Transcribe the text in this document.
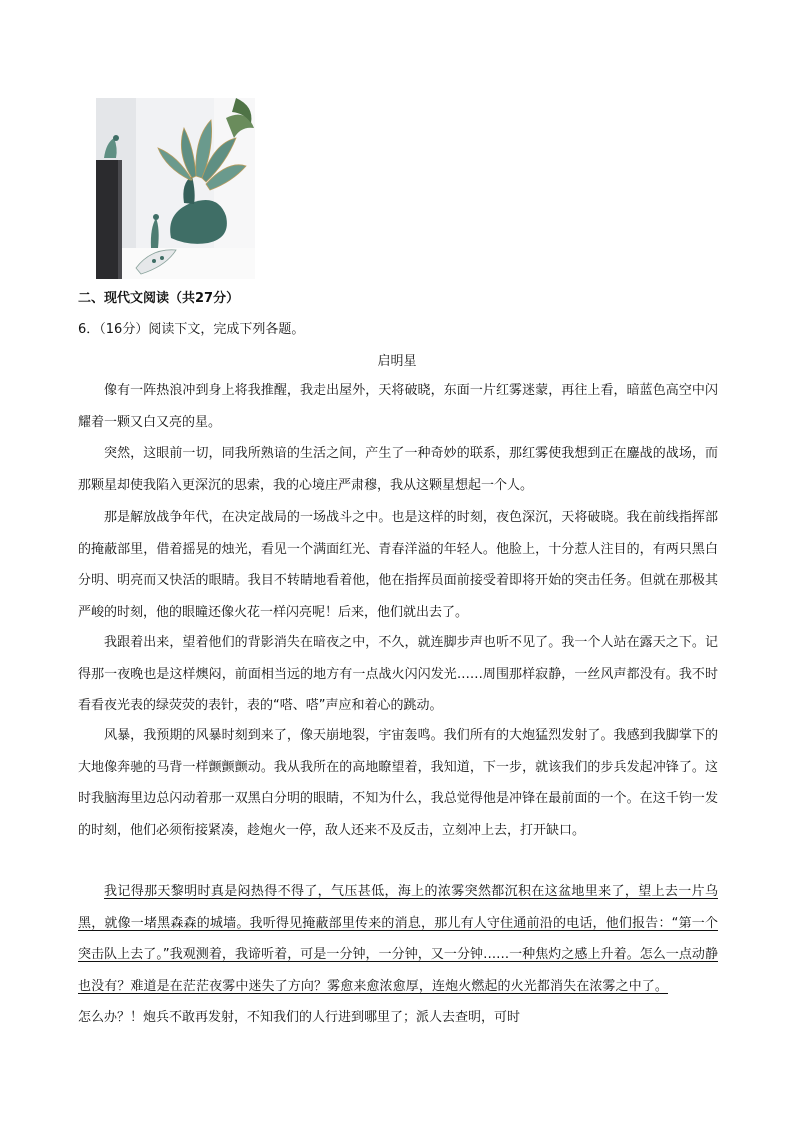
二、现代文阅读（共27分）

6．（16分）阅读下文，完成下列各题。

启明星

像有一阵热浪冲到身上将我推醒，我走出屋外，天将破晓，东面一片红雾迷蒙，再往上看，暗蓝色高空中闪耀着一颗又白又亮的星。

突然，这眼前一切，同我所熟谙的生活之间，产生了一种奇妙的联系，那红雾使我想到正在鏖战的战场，而那颗星却使我陷入更深沉的思索，我的心境庄严肃穆，我从这颗星想起一个人。

那是解放战争年代，在决定战局的一场战斗之中。也是这样的时刻，夜色深沉，天将破晓。我在前线指挥部的掩蔽部里，借着摇晃的烛光，看见一个满面红光、青春洋溢的年轻人。他脸上，十分惹人注目的，有两只黑白分明、明亮而又快活的眼睛。我目不转睛地看着他，他在指挥员面前接受着即将开始的突击任务。但就在那极其严峻的时刻，他的眼瞳还像火花一样闪亮呢！后来，他们就出去了。

我跟着出来，望着他们的背影消失在暗夜之中，不久，就连脚步声也听不见了。我一个人站在露天之下。记得那一夜晚也是这样燠闷，前面相当远的地方有一点战火闪闪发光……周围那样寂静，一丝风声都没有。我不时看看夜光表的绿荧荧的表针，表的“嗒、嗒”声应和着心的跳动。

风暴，我预期的风暴时刻到来了，像天崩地裂，宇宙轰鸣。我们所有的大炮猛烈发射了。我感到我脚掌下的大地像奔驰的马背一样颤颤颤动。我从我所在的高地瞭望着，我知道，下一步，就该我们的步兵发起冲锋了。这时我脑海里边总闪动着那一双黑白分明的眼睛，不知为什么，我总觉得他是冲锋在最前面的一个。在这千钧一发的时刻，他们必须衔接紧凑，趁炮火一停，敌人还来不及反击，立刻冲上去，打开缺口。

我记得那天黎明时真是闷热得不得了，气压甚低，海上的浓雾突然都沉积在这盆地里来了，望上去一片乌黑，就像一堵黑森森的城墙。我听得见掩蔽部里传来的消息，那儿有人守住通前沿的电话，他们报告：“第一个突击队上去了。”我观测着，我谛听着，可是一分钟，一分钟，又一分钟……一种焦灼之感上升着。怎么一点动静也没有？难道是在茫茫夜雾中迷失了方向？雾愈来愈浓愈厚，连炮火燃起的火光都消失在浓雾之中了。怎么办？！炮兵不敢再发射，不知我们的人行进到哪里了；派人去查明，可时
